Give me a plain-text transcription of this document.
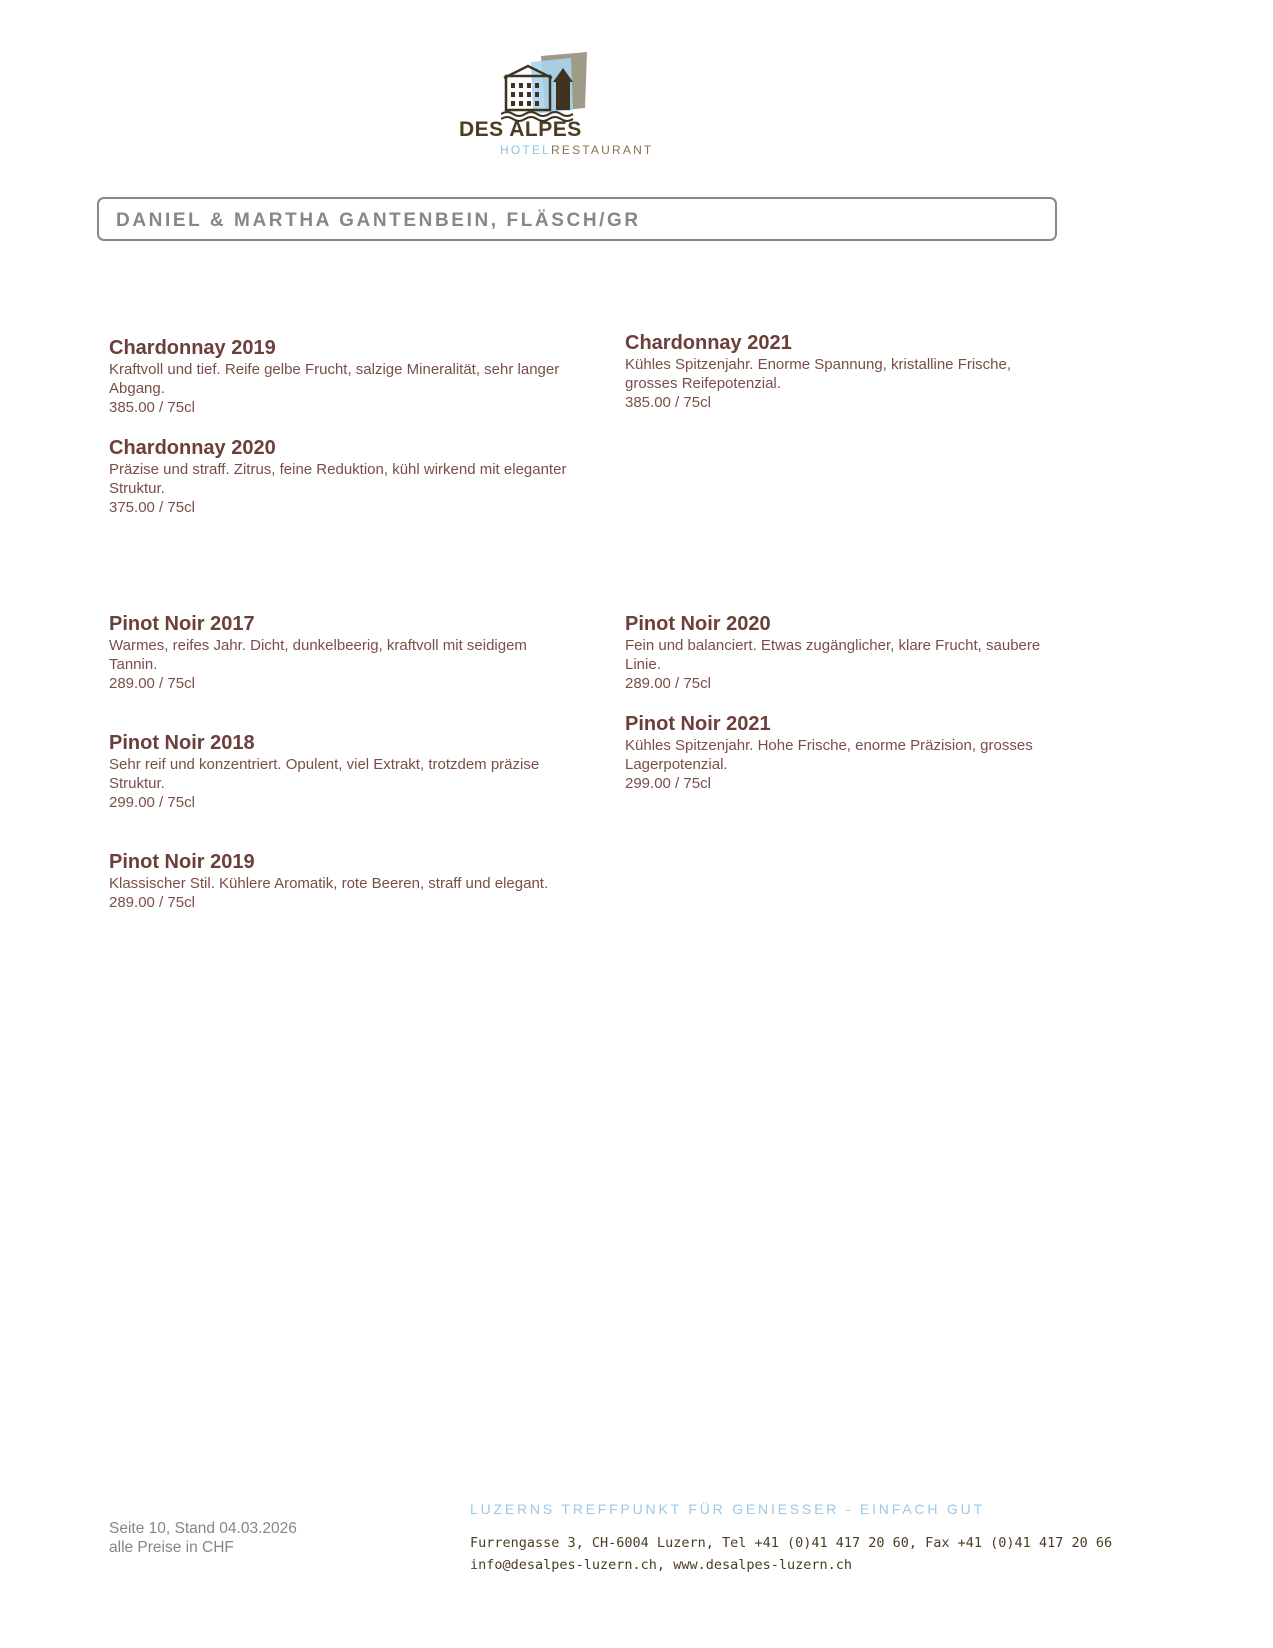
DES ALPES
HOTELRESTAURANT
DANIEL & MARTHA GANTENBEIN, FLÄSCH/GR
Chardonnay 2019
Kraftvoll und tief. Reife gelbe Frucht, salzige Mineralität, sehr langer Abgang.
385.00 / 75cl
Chardonnay 2020
Präzise und straff. Zitrus, feine Reduktion, kühl wirkend mit eleganter Struktur.
375.00 / 75cl
Pinot Noir 2017
Warmes, reifes Jahr. Dicht, dunkelbeerig, kraftvoll mit seidigem Tannin.
289.00 / 75cl
Pinot Noir 2018
Sehr reif und konzentriert. Opulent, viel Extrakt, trotzdem präzise Struktur.
299.00 / 75cl
Pinot Noir 2019
Klassischer Stil. Kühlere Aromatik, rote Beeren, straff und elegant.
289.00 / 75cl
Chardonnay 2021
Kühles Spitzenjahr. Enorme Spannung, kristalline Frische, grosses Reifepotenzial.
385.00 / 75cl
Pinot Noir 2020
Fein und balanciert. Etwas zugänglicher, klare Frucht, saubere Linie.
289.00 / 75cl
Pinot Noir 2021
Kühles Spitzenjahr. Hohe Frische, enorme Präzision, grosses Lagerpotenzial.
299.00 / 75cl
Seite 10, Stand 04.03.2026
alle Preise in CHF
LUZERNS TREFFPUNKT FÜR GENIESSER - EINFACH GUT
Furrengasse 3, CH-6004 Luzern, Tel +41 (0)41 417 20 60, Fax +41 (0)41 417 20 66
info@desalpes-luzern.ch, www.desalpes-luzern.ch
